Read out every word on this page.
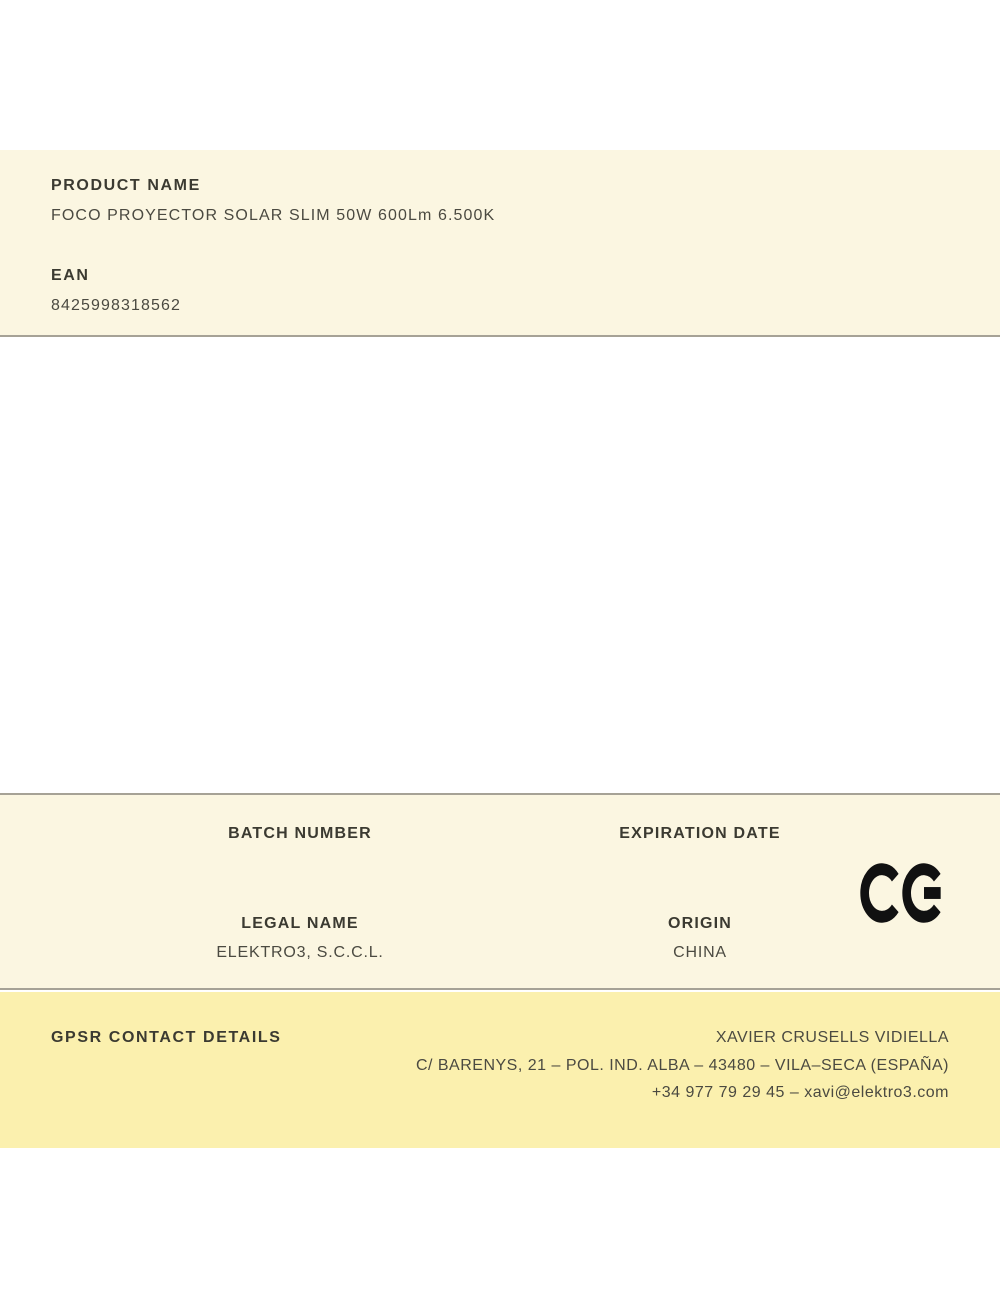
PRODUCT NAME
FOCO PROYECTOR SOLAR SLIM 50W 600Lm 6.500K
EAN
8425998318562
BATCH NUMBER
LEGAL NAME
ELEKTRO3, S.C.C.L.
EXPIRATION DATE
ORIGIN
CHINA
GPSR CONTACT DETAILS	XAVIER CRUSELLS VIDIELLA
C/ BARENYS, 21 – POL. IND. ALBA – 43480 – VILA–SECA (ESPAÑA)
+34 977 79 29 45 – xavi@elektro3.com
